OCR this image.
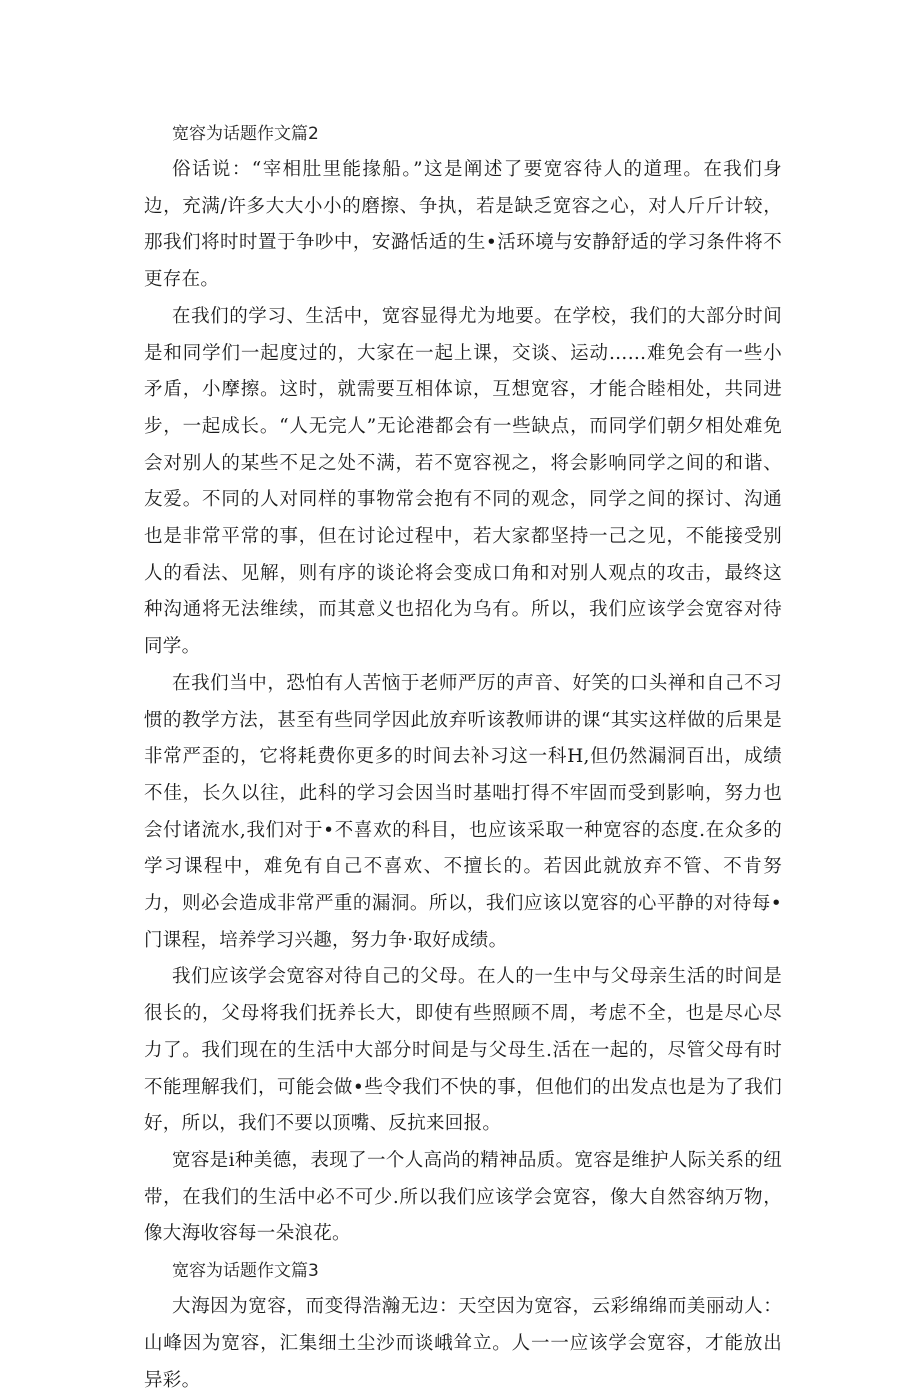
宽容为话题作文篇2

俗话说：“宰相肚里能掾船。”这是阐述了要宽容待人的道理。在我们身边，充满/许多大大小小的磨擦、争执，若是缺乏宽容之心，对人斤斤计较，那我们将时时置于争吵中，安潞恬适的生•活环境与安静舒适的学习条件将不更存在。

在我们的学习、生活中，宽容显得尤为地要。在学校，我们的大部分时间是和同学们一起度过的，大家在一起上课，交谈、运动……难免会有一些小矛盾，小摩擦。这时，就需要互相体谅，互想宽容，才能合睦相处，共同进步，一起成长。“人无完人”无论港都会有一些缺点，而同学们朝夕相处难免会对别人的某些不足之处不满，若不宽容视之，将会影响同学之间的和谐、友爱。不同的人对同样的事物常会抱有不同的观念，同学之间的探讨、沟通也是非常平常的事，但在讨论过程中，若大家都坚持一己之见，不能接受别人的看法、见解，则有序的谈论将会变成口角和对别人观点的攻击，最终这种沟通将无法维续，而其意义也招化为乌有。所以，我们应该学会宽容对待同学。

在我们当中，恐怕有人苦恼于老师严厉的声音、好笑的口头禅和自己不习惯的教学方法，甚至有些同学因此放弃听该教师讲的课“其实这样做的后果是非常严歪的，它将耗费你更多的时间去补习这一科H,但仍然漏洞百出，成绩不佳，长久以往，此科的学习会因当时基咄打得不牢固而受到影响，努力也会付诸流水,我们对于•不喜欢的科目，也应该采取一种宽容的态度.在众多的学习课程中，难免有自己不喜欢、不擅长的。若因此就放弃不管、不肯努力，则必会造成非常严重的漏洞。所以，我们应该以宽容的心平静的对待每•门课程，培养学习兴趣，努力争·取好成绩。

我们应该学会宽容对待自己的父母。在人的一生中与父母亲生活的时间是很长的，父母将我们抚养长大，即使有些照顾不周，考虑不全，也是尽心尽力了。我们现在的生活中大部分时间是与父母生.活在一起的，尽管父母有时不能理解我们，可能会做•些令我们不快的事，但他们的出发点也是为了我们好，所以，我们不要以顶嘴、反抗来回报。

宽容是i种美德，表现了一个人高尚的精神品质。宽容是维护人际关系的纽带，在我们的生活中必不可少.所以我们应该学会宽容，像大自然容纳万物，像大海收容每一朵浪花。

宽容为话题作文篇3

大海因为宽容，而变得浩瀚无边：天空因为宽容，云彩绵绵而美丽动人：山峰因为宽容，汇集细土尘沙而谈峨耸立。人一一应该学会宽容，才能放出异彩。
